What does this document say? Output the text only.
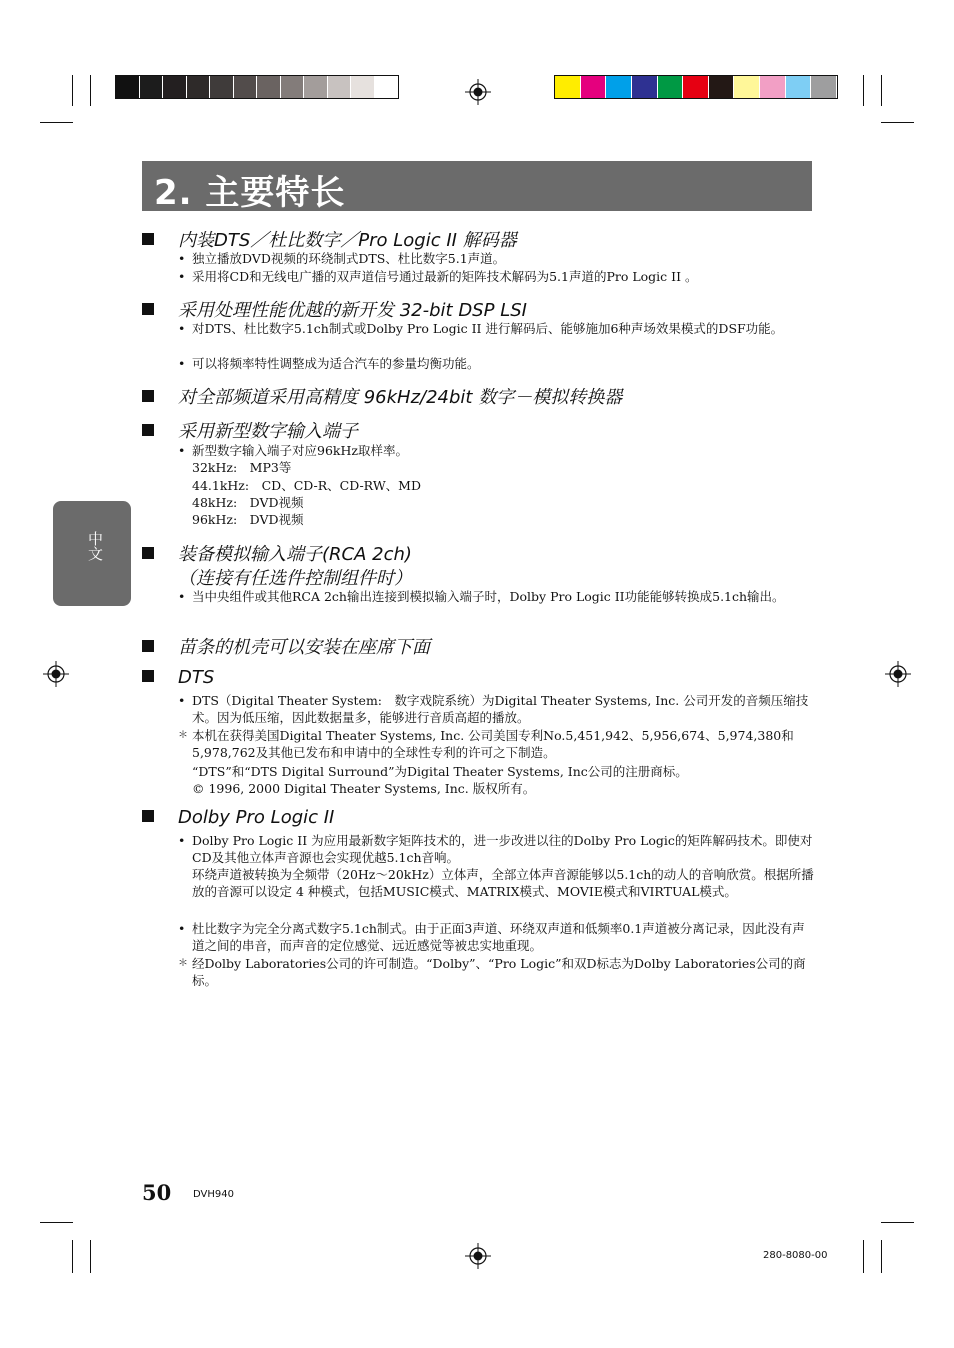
2. 主要特长
中文
内装DTS／杜比数字／Pro Logic II 解码器
• 独立播放DVD视频的环绕制式DTS、杜比数字5.1声道。
• 采用将CD和无线电广播的双声道信号通过最新的矩阵技术解码为5.1声道的Pro Logic II 。
采用处理性能优越的新开发 32-bit DSP LSI
• 对DTS、杜比数字5.1ch制式或Dolby Pro Logic II 进行解码后、能够施加6种声场效果模式的DSF功能。
• 可以将频率特性调整成为适合汽车的参量均衡功能。
对全部频道采用高精度 96kHz/24bit 数字－模拟转换器
采用新型数字输入端子
• 新型数字输入端子对应96kHz取样率。
32kHz:　MP3等
44.1kHz:　CD、CD-R、CD-RW、MD
48kHz:　DVD视频
96kHz:　DVD视频
装备模拟输入端子(RCA 2ch)
（连接有任选件控制组件时）
• 当中央组件或其他RCA 2ch输出连接到模拟输入端子时，Dolby Pro Logic II功能能够转换成5.1ch输出。
苗条的机壳可以安装在座席下面
DTS
• DTS（Digital Theater System:　数字戏院系统）为Digital Theater Systems, Inc. 公司开发的音频压缩技术。因为低压缩，因此数据量多，能够进行音质高超的播放。
＊ 本机在获得美国Digital Theater Systems, Inc. 公司美国专利No.5,451,942、5,956,674、5,974,380和5,978,762及其他已发布和申请中的全球性专利的许可之下制造。
“DTS”和“DTS Digital Surround”为Digital Theater Systems, Inc公司的注册商标。
© 1996, 2000 Digital Theater Systems, Inc. 版权所有。
Dolby Pro Logic II
• Dolby Pro Logic II 为应用最新数字矩阵技术的，进一步改进以往的Dolby Pro Logic的矩阵解码技术。即使对CD及其他立体声音源也会实现优越5.1ch音响。
环绕声道被转换为全频带（20Hz～20kHz）立体声，全部立体声音源能够以5.1ch的动人的音响欣赏。根据所播放的音源可以设定 4 种模式，包括MUSIC模式、MATRIX模式、MOVIE模式和VIRTUAL模式。
• 杜比数字为完全分离式数字5.1ch制式。由于正面3声道、环绕双声道和低频率0.1声道被分离记录，因此没有声道之间的串音，而声音的定位感觉、远近感觉等被忠实地重现。
＊ 经Dolby Laboratories公司的许可制造。“Dolby”、“Pro Logic”和双D标志为Dolby Laboratories公司的商标。
50 DVH940
280-8080-00
